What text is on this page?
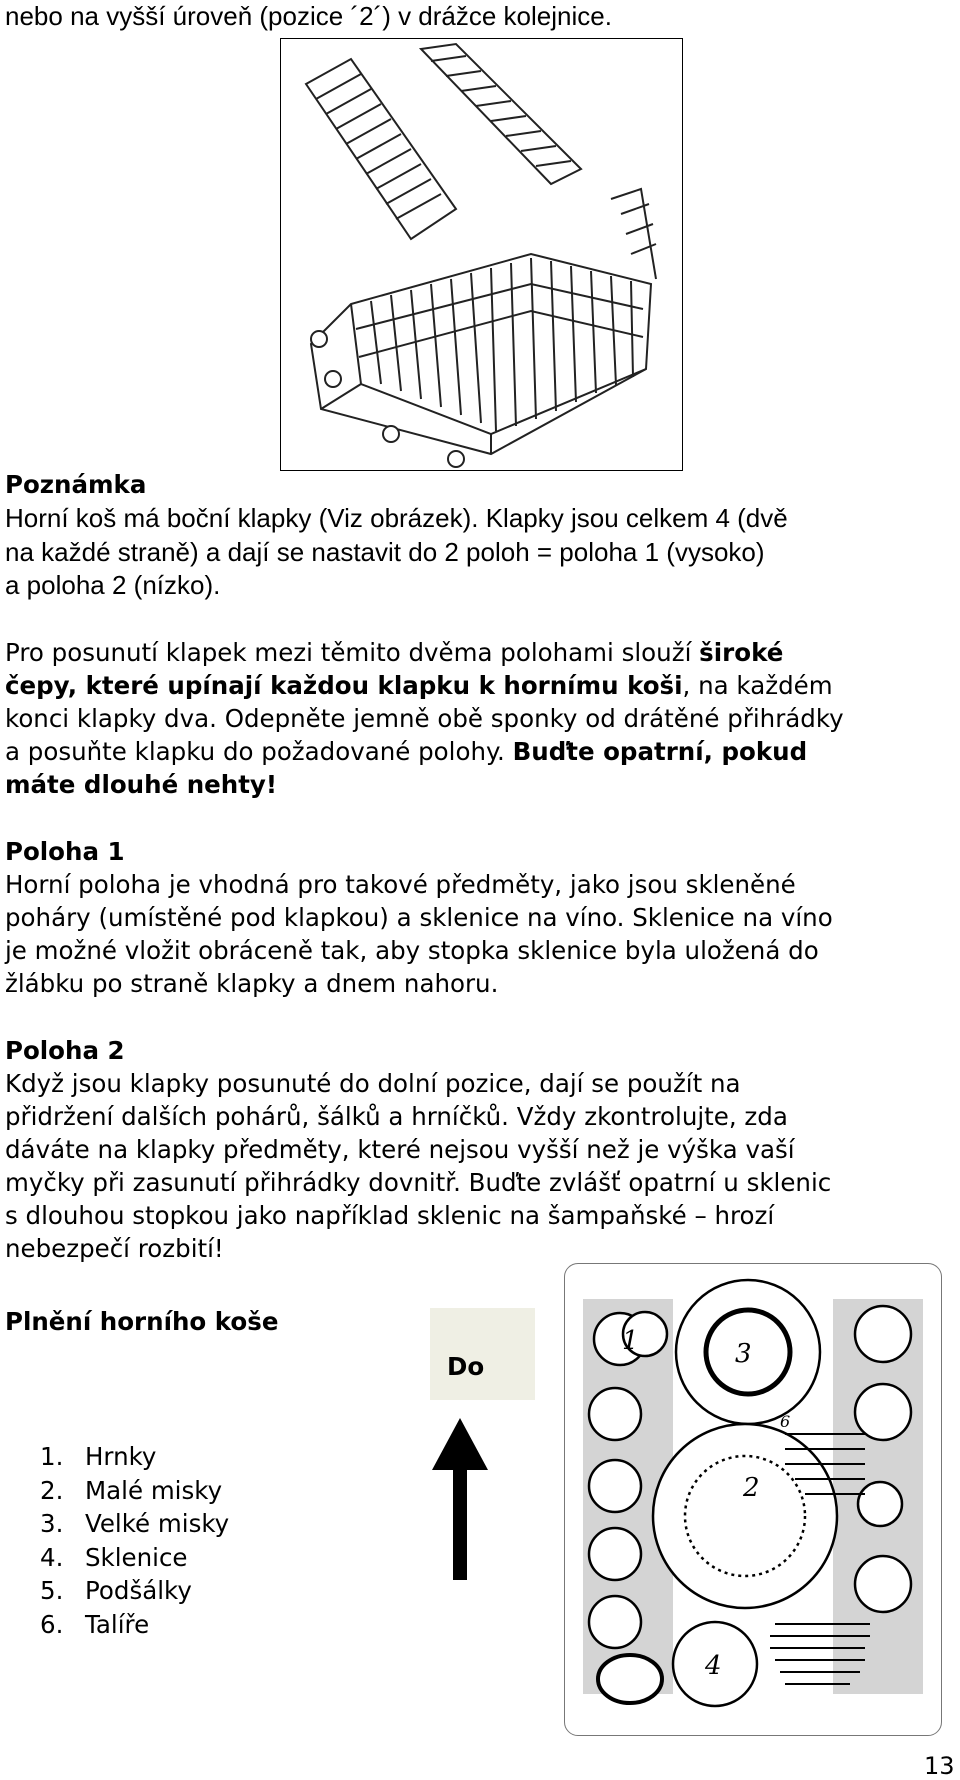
nebo na vyšší úroveň (pozice ´2´) v drážce kolejnice.
Poznámka
Horní koš má boční klapky (Viz obrázek). Klapky jsou celkem 4 (dvě
na každé straně) a dají se nastavit do 2 poloh = poloha 1 (vysoko)
a poloha 2 (nízko).
Pro posunutí klapek mezi těmito dvěma polohami slouží široké
čepy, které upínají každou klapku k hornímu koši, na každém
konci klapky dva. Odepněte jemně obě sponky od drátěné přihrádky
a posuňte klapku do požadované polohy. Buďte opatrní, pokud
máte dlouhé nehty!
Poloha 1
Horní poloha je vhodná pro takové předměty, jako jsou skleněné
poháry (umístěné pod klapkou) a sklenice na víno. Sklenice na víno
je možné vložit obráceně tak, aby stopka sklenice byla uložená do
žlábku po straně klapky a dnem nahoru.
Poloha 2
Když jsou klapky posunuté do dolní pozice, dají se použít na
přidržení dalších pohárů, šálků a hrníčků. Vždy zkontrolujte, zda
dáváte na klapky předměty, které nejsou vyšší než je výška vaší
myčky při zasunutí přihrádky dovnitř. Buďte zvlášť opatrní u sklenic
s dlouhou stopkou jako například sklenic na šampaňské – hrozí
nebezpečí rozbití!
Plnění horního koše
Do
1. Hrnky
2. Malé misky
3. Velké misky
4. Sklenice
5. Podšálky
6. Talíře
1	3
2
6
4
13
